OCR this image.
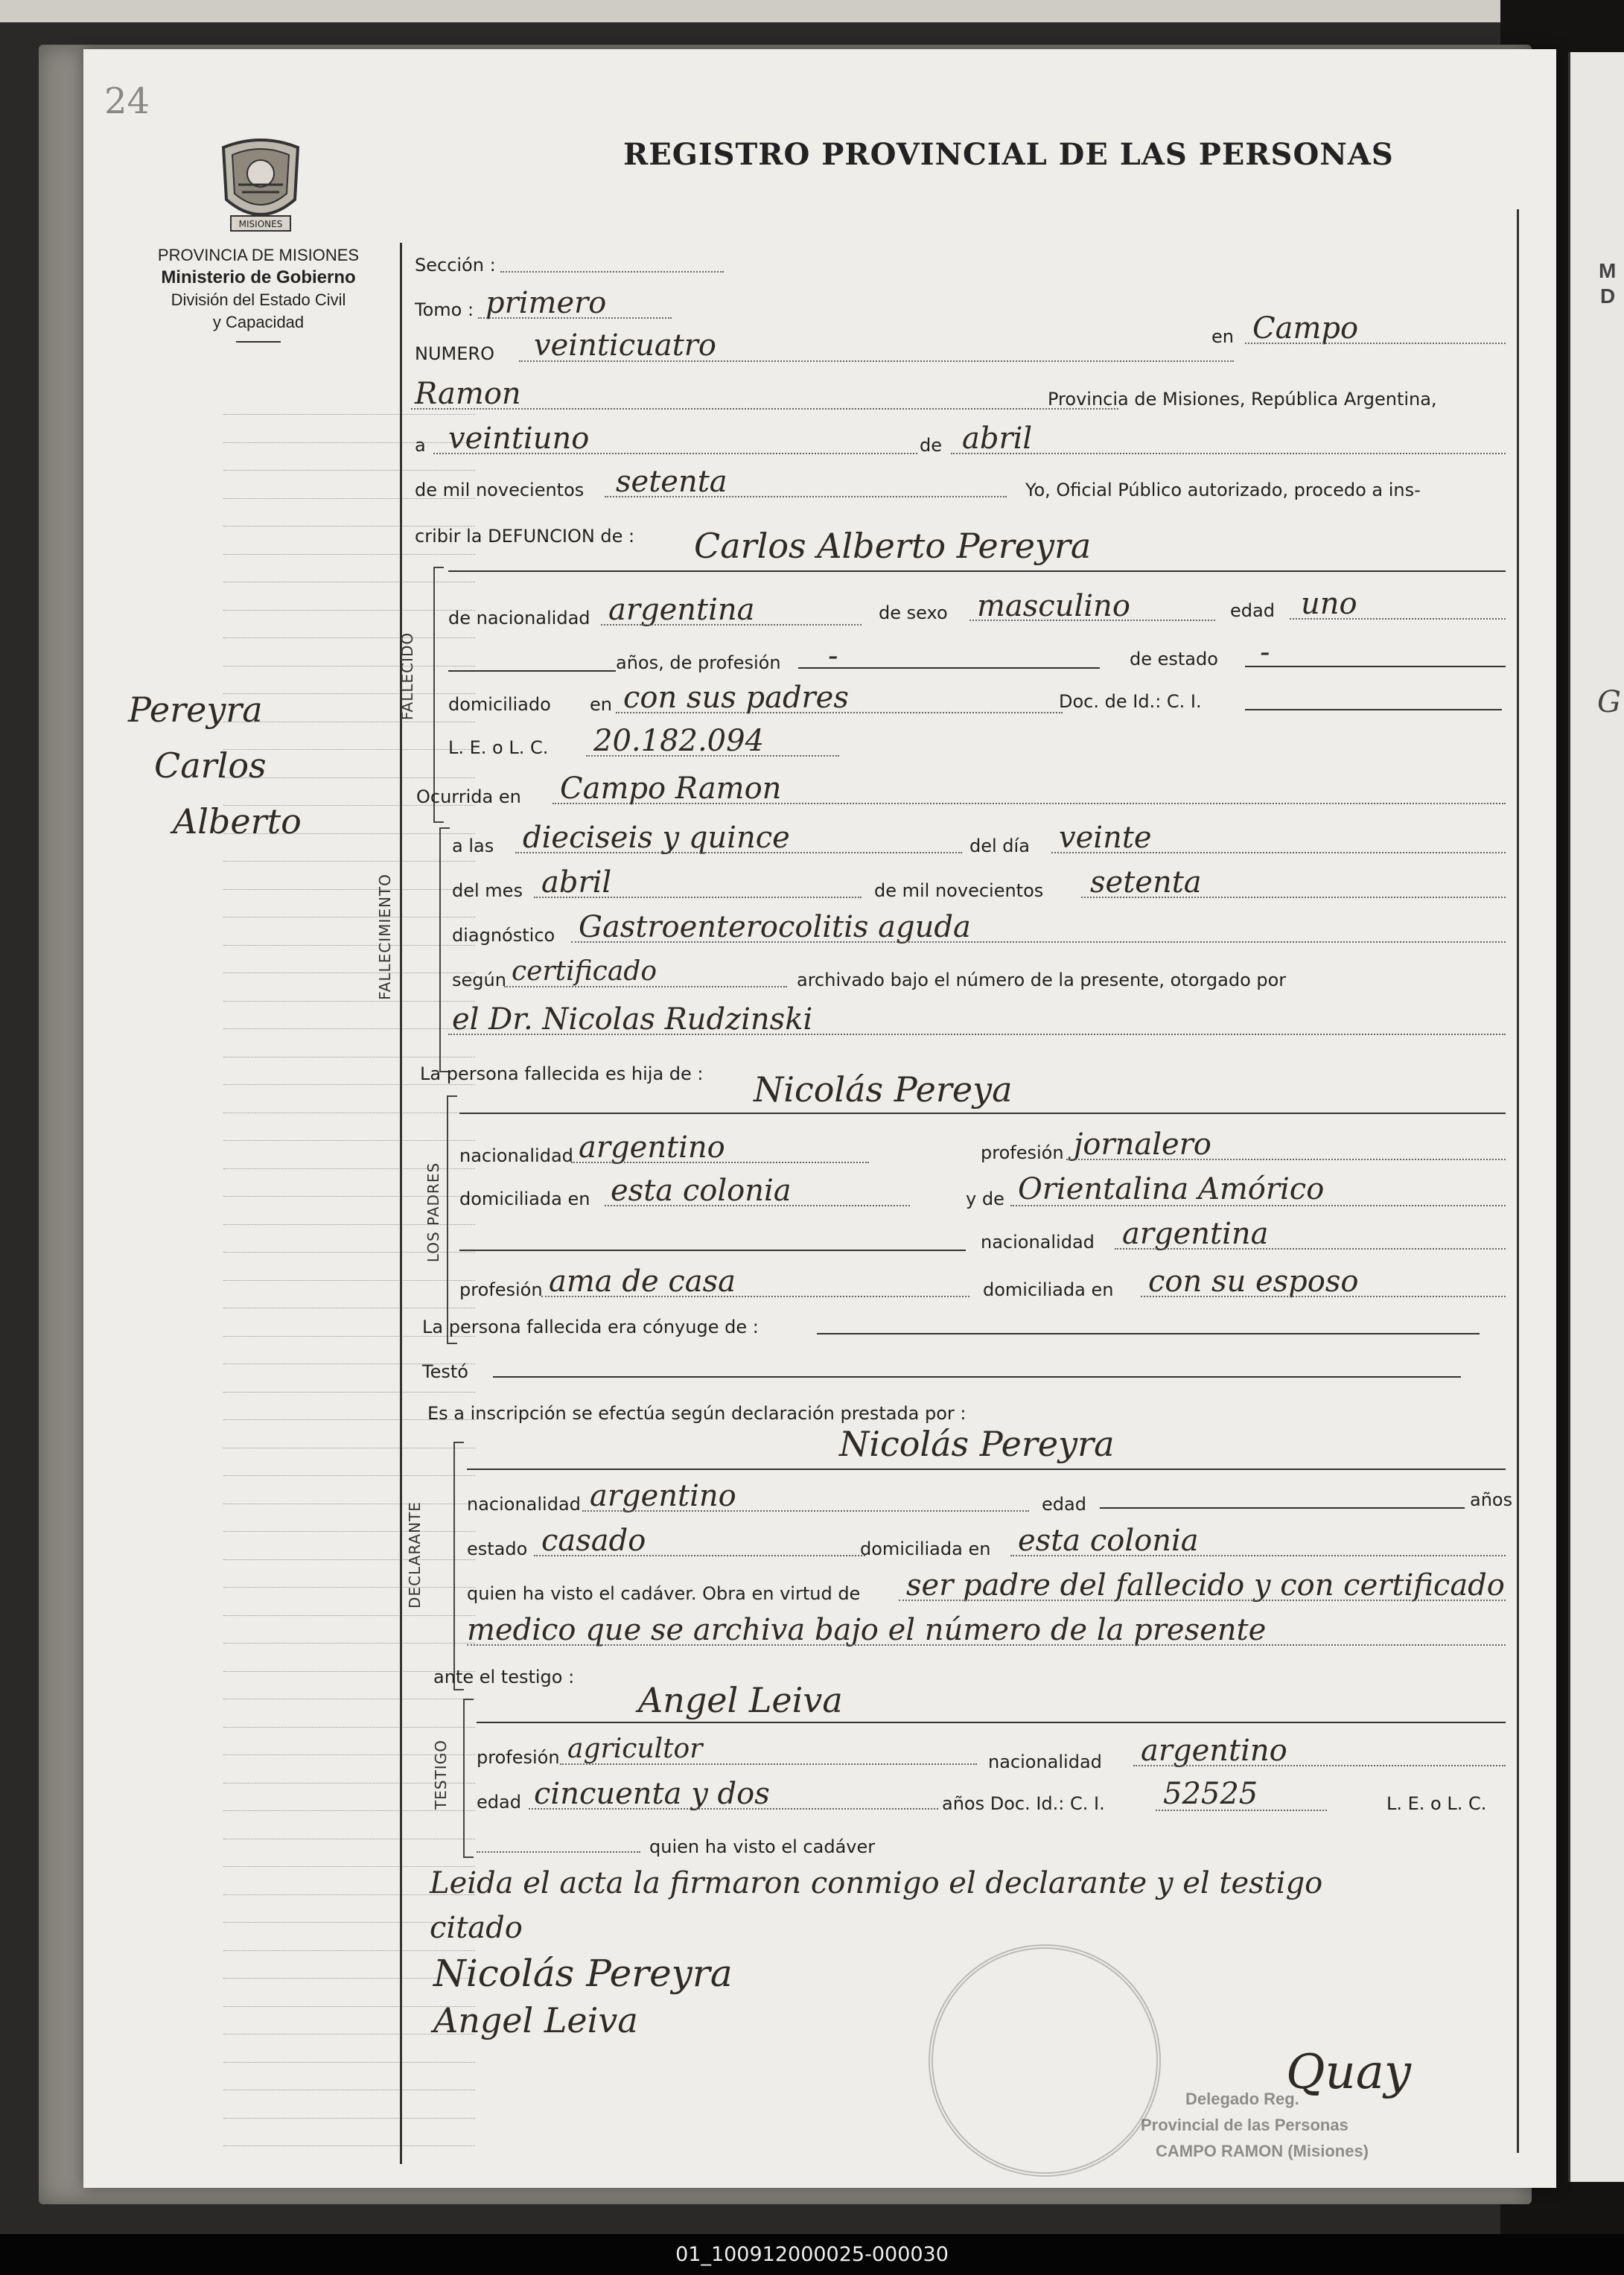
M
D
G
24
REGISTRO PROVINCIAL DE LAS PERSONAS
MISIONES
PROVINCIA DE MISIONES
Ministerio de Gobierno
División del Estado Civil
y Capacidad
Pereyra
Carlos
Alberto
Sección :
Tomo : primero
NUMERO veinticuatro	en Campo
Ramon	Provincia de Misiones, República Argentina,
a veintiuno	de abril
de mil novecientos setenta	Yo, Oficial Público autorizado, procedo a ins-
cribir la DEFUNCION de :
FALLECIDO
Carlos Alberto Pereyra
de nacionalidad argentina	de sexo masculino	edad uno
años, de profesión -	de estado -
domiciliado en con sus padres	Doc. de Id.: C. I.
L. E. o L. C. 20.182.094
Ocurrida en Campo Ramon
FALLECIMIENTO
a las dieciseis y quince	del día veinte
del mes abril	de mil novecientos setenta
diagnóstico Gastroenterocolitis aguda
según certificado	archivado bajo el número de la presente, otorgado por
el Dr. Nicolas Rudzinski
La persona fallecida es hija de :
LOS PADRES
Nicolás Pereya
nacionalidad argentino	profesión jornalero
domiciliada en esta colonia	y de Orientalina Amórico
nacionalidad argentina
profesión ama de casa	domiciliada en con su esposo
La persona fallecida era cónyuge de :
Testó
Es a inscripción se efectúa según declaración prestada por :
DECLARANTE
Nicolás Pereyra
nacionalidad argentino	edad	años
estado casado	domiciliada en esta colonia
quien ha visto el cadáver. Obra en virtud de ser padre del fallecido y con certificado
medico que se archiva bajo el número de la presente
ante el testigo :
TESTIGO
Angel Leiva
profesión agricultor	nacionalidad argentino
edad cincuenta y dos	años Doc. Id.: C. I. 52525	L. E. o L. C.
quien ha visto el cadáver
Leida el acta la firmaron conmigo el declarante y el testigo
citado
Nicolás Pereyra
Angel Leiva
Quay
Delegado Reg.
Provincial de las Personas
CAMPO RAMON (Misiones)
01_100912000025-000030
